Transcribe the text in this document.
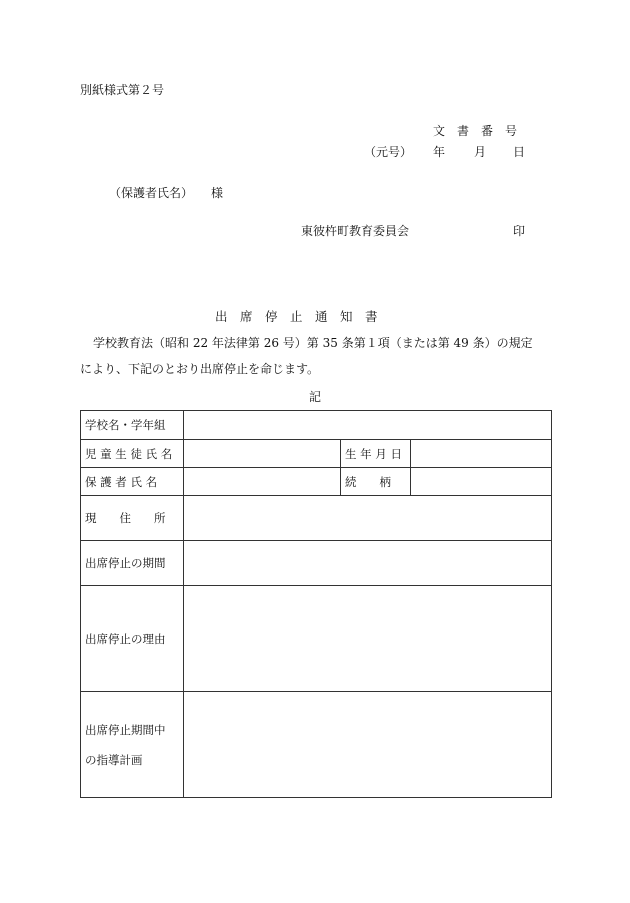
別紙様式第２号
文　書　番　号
（元号） 年 月 日
（保護者氏名） 様
東彼杵町教育委員会	印
出　席　停　止　通　知　書
学校教育法（昭和 22 年法律第 26 号）第 35 条第１項（または第 49 条）の規定
により、下記のとおり出席停止を命じます。
記
学校名・学年組			
児 童 生 徒 氏 名		生 年 月 日	
保 護 者 氏 名		続　　柄	
現　　住　　所			
出席停止の期間			
出席停止の理由			

出席停止期間中
の指導計画			
